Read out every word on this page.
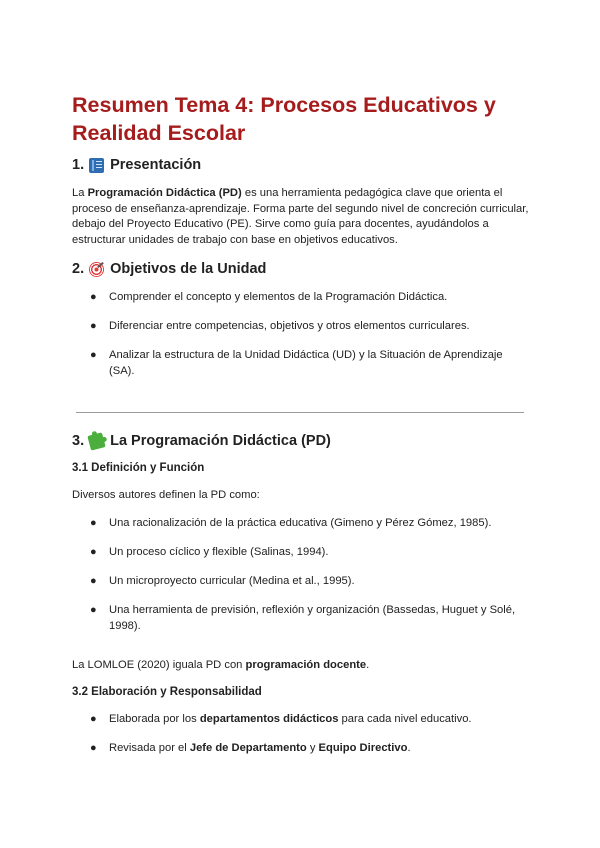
Resumen Tema 4: Procesos Educativos y Realidad Escolar
1. Presentación

La Programación Didáctica (PD) es una herramienta pedagógica clave que orienta el proceso de enseñanza-aprendizaje. Forma parte del segundo nivel de concreción curricular, debajo del Proyecto Educativo (PE). Sirve como guía para docentes, ayudándolos a estructurar unidades de trabajo con base en objetivos educativos.

2. Objetivos de la Unidad

● Comprender el concepto y elementos de la Programación Didáctica.

● Diferenciar entre competencias, objetivos y otros elementos curriculares.

● Analizar la estructura de la Unidad Didáctica (UD) y la Situación de Aprendizaje (SA).

3. La Programación Didáctica (PD)
3.1 Definición y Función

Diversos autores definen la PD como:

● Una racionalización de la práctica educativa (Gimeno y Pérez Gómez, 1985).

● Un proceso cíclico y flexible (Salinas, 1994).

● Un microproyecto curricular (Medina et al., 1995).

● Una herramienta de previsión, reflexión y organización (Bassedas, Huguet y Solé, 1998).

La LOMLOE (2020) iguala PD con programación docente.

3.2 Elaboración y Responsabilidad

● Elaborada por los departamentos didácticos para cada nivel educativo.

● Revisada por el Jefe de Departamento y Equipo Directivo.
